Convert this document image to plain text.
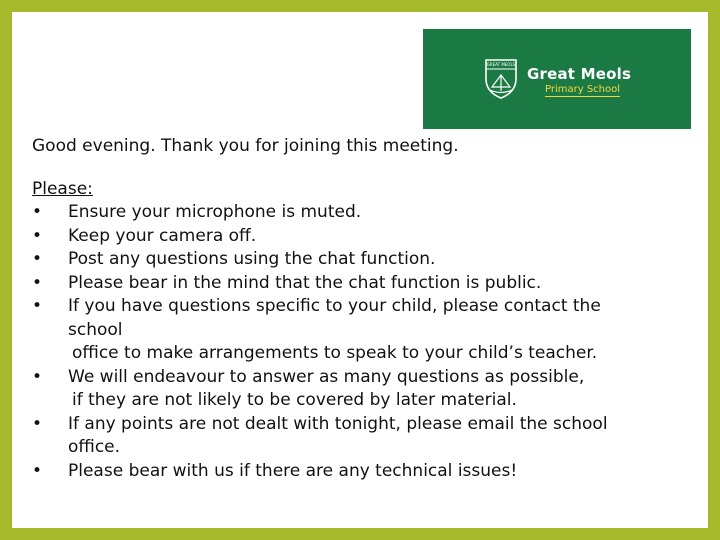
GREAT MEOLS
Great Meols
Primary School

Good evening. Thank you for joining this meeting.

Please:
• Ensure your microphone is muted.
• Keep your camera off.
• Post any questions using the chat function.
• Please bear in the mind that the chat function is public.
• If you have questions specific to your child, please contact the
school
office to make arrangements to speak to your child’s teacher.
• We will endeavour to answer as many questions as possible,
if they are not likely to be covered by later material.
• If any points are not dealt with tonight, please email the school
office.
• Please bear with us if there are any technical issues!
